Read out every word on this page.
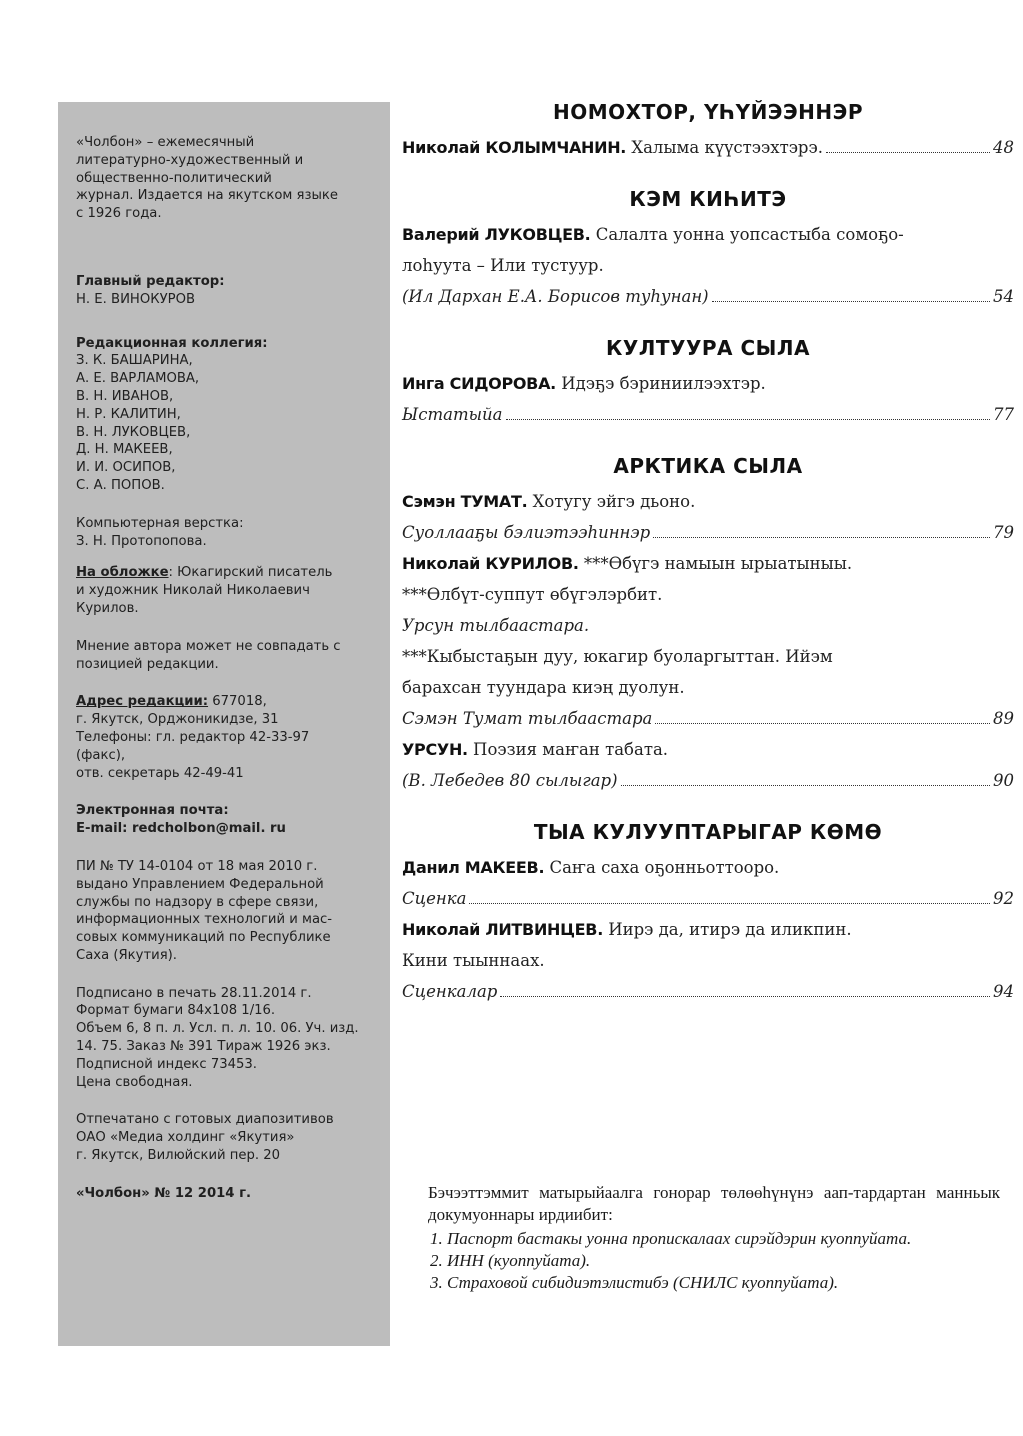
«Чолбон» – ежемесячный
литературно-художественный и
общественно-политический
журнал. Издается на якутском языке
с 1926 года.
Главный редактор:
Н. Е. ВИНОКУРОВ
Редакционная коллегия:
З. К. БАШАРИНА,
А. Е. ВАРЛАМОВА,
В. Н. ИВАНОВ,
Н. Р. КАЛИТИН,
В. Н. ЛУКОВЦЕВ,
Д. Н. МАКЕЕВ,
И. И. ОСИПОВ,
С. А. ПОПОВ.
Компьютерная верстка:
З. Н. Протопопова.
На обложке: Юкагирский писатель
и художник Николай Николаевич
Курилов.
Мнение автора может не совпадать с
позицией редакции.
Адрес редакции: 677018,
г. Якутск, Орджоникидзе, 31
Телефоны: гл. редактор 42-33-97
(факс),
отв. секретарь 42-49-41
Электронная почта:
E-mail: redcholbon@mail. ru
ПИ № ТУ 14-0104 от 18 мая 2010 г.
выдано Управлением Федеральной
службы по надзору в сфере связи,
информационных технологий и мас-
совых коммуникаций по Республике
Саха (Якутия).
Подписано в печать 28.11.2014 г.
Формат бумаги 84х108 1/16.
Объем 6, 8 п. л. Усл. п. л. 10. 06. Уч. изд.
14. 75. Заказ № 391 Тираж 1926 экз.
Подписной индекс 73453.
Цена свободная.
Отпечатано с готовых диапозитивов
ОАО «Медиа холдинг «Якутия»
г. Якутск, Вилюйский пер. 20
«Чолбон» № 12 2014 г.
НОМОХТОР, ҮҺҮЙЭЭННЭР
Николай КОЛЫМЧАНИН. Халыма күүстээхтэрэ.	48
КЭМ КИҺИТЭ
Валерий ЛУКОВЦЕВ. Салалта уонна уопсастыба сомоҕо-
лоһуута – Или тустуур.
(Ил Дархан Е.А. Борисов туһунан)	54
КУЛТУУРА СЫЛА
Инга СИДОРОВА. Идэҕэ бэриниилээхтэр.
Ыстатыйа	77
АРКТИКА СЫЛА
Сэмэн ТУМАТ. Хотугу эйгэ дьоно.
Суоллааҕы бэлиэтээһиннэр	79
Николай КУРИЛОВ. ***Өбүгэ намыын ырыатыныы.
***Өлбүт-суппут өбүгэлэрбит.
Урсун тылбаастара.
***Кыбыстаҕын дуу, юкагир буоларгыттан. Ийэм
барахсан туундара киэң дуолун.
Сэмэн Тумат тылбаастара	89
УРСУН. Поэзия маҥан табата.
(В. Лебедев 80 сылыгар)	90
ТЫА КУЛУУПТАРЫГАР КӨМӨ
Данил МАКЕЕВ. Саҥа саха оҕонньоттоoро.
Сценка	92
Николай ЛИТВИНЦЕВ. Иирэ да, итирэ да иликпин.
Кини тыыннаах.
Сценкалар	94

Бэчээттэммит матырыйаалга гонорар төлөөһүнүнэ аап-тардартан манньык докумуоннары ирдиибит:

1. Паспорт бастакы уонна пропискалаах сирэйдэрин куоппуйата.
2. ИНН (куоппуйата).
3. Страховой сибидиэтэлистибэ (СНИЛС куоппуйата).
